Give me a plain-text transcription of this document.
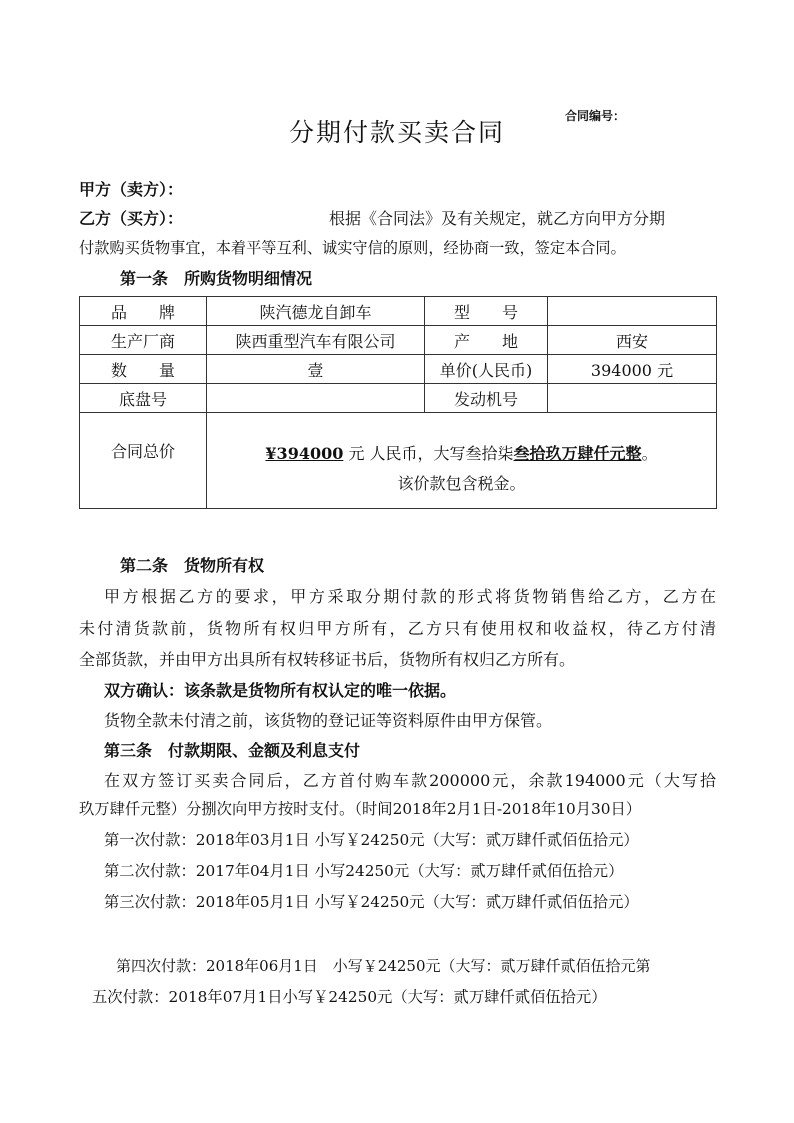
合同编号：
分期付款买卖合同
甲方（卖方）：
乙方（买方）：	根据《合同法》及有关规定，就乙方向甲方分期
付款购买货物事宜，本着平等互利、诚实守信的原则，经协商一致，签定本合同。
第一条　所购货物明细情况
品　　牌	陕汽德龙自卸车	型　　号	
生产厂商	陕西重型汽车有限公司	产　　地	西安
数　　量	壹	单价(人民币)	394000 元
底盘号		发动机号	
合同总价	¥394000 元 人民币，大写叁拾柒叁拾玖万肆仟元整。
该价款包含税金。		
第二条　货物所有权
甲方根据乙方的要求，甲方采取分期付款的形式将货物销售给乙方，乙方在
未付清货款前，货物所有权归甲方所有，乙方只有使用权和收益权，待乙方付清
全部货款，并由甲方出具所有权转移证书后，货物所有权归乙方所有。
双方确认：该条款是货物所有权认定的唯一依据。
货物全款未付清之前，该货物的登记证等资料原件由甲方保管。
第三条　付款期限、金额及利息支付
在双方签订买卖合同后，乙方首付购车款200000元，余款194000元（大写拾
玖万肆仟元整）分捌次向甲方按时支付。（时间2018年2月1日-2018年10月30日）
第一次付款：2018年03月1日 小写￥24250元（大写：贰万肆仟贰佰伍拾元）
第二次付款：2017年04月1日 小写24250元（大写：贰万肆仟贰佰伍拾元）
第三次付款：2018年05月1日 小写￥24250元（大写：贰万肆仟贰佰伍拾元）
第四次付款：2018年06月1日　小写￥24250元（大写：贰万肆仟贰佰伍拾元第
五次付款：2018年07月1日小写￥24250元（大写：贰万肆仟贰佰伍拾元）
